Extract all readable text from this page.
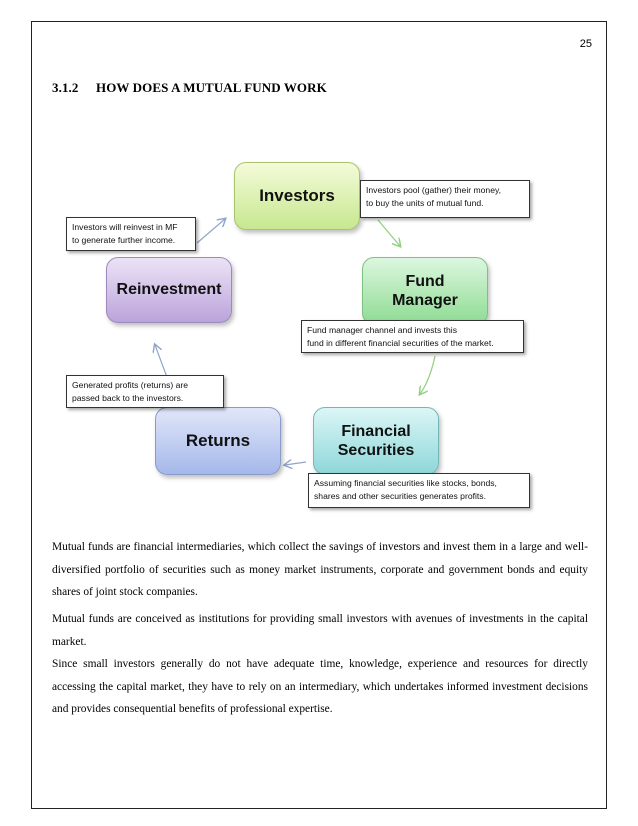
25
3.1.2 HOW DOES A MUTUAL FUND WORK
Investors
Fund
Manager
Financial
Securities
Returns
Reinvestment
Investors pool (gather) their money,
to buy the units of mutual fund.
Fund manager channel and invests this
fund in different financial securities of the market.
Assuming financial securities like stocks, bonds,
shares and other securities generates profits.
Generated profits (returns) are
passed back to the investors.
Investors will reinvest in MF
to generate further income.
Mutual funds are financial intermediaries, which collect the savings of investors and invest them in a large and well-diversified portfolio of securities such as money market instruments, corporate and government bonds and equity shares of joint stock companies.
Mutual funds are conceived as institutions for providing small investors with avenues of investments in the capital market.
Since small investors generally do not have adequate time, knowledge, experience and resources for directly accessing the capital market, they have to rely on an intermediary, which undertakes informed investment decisions and provides consequential benefits of professional expertise.
